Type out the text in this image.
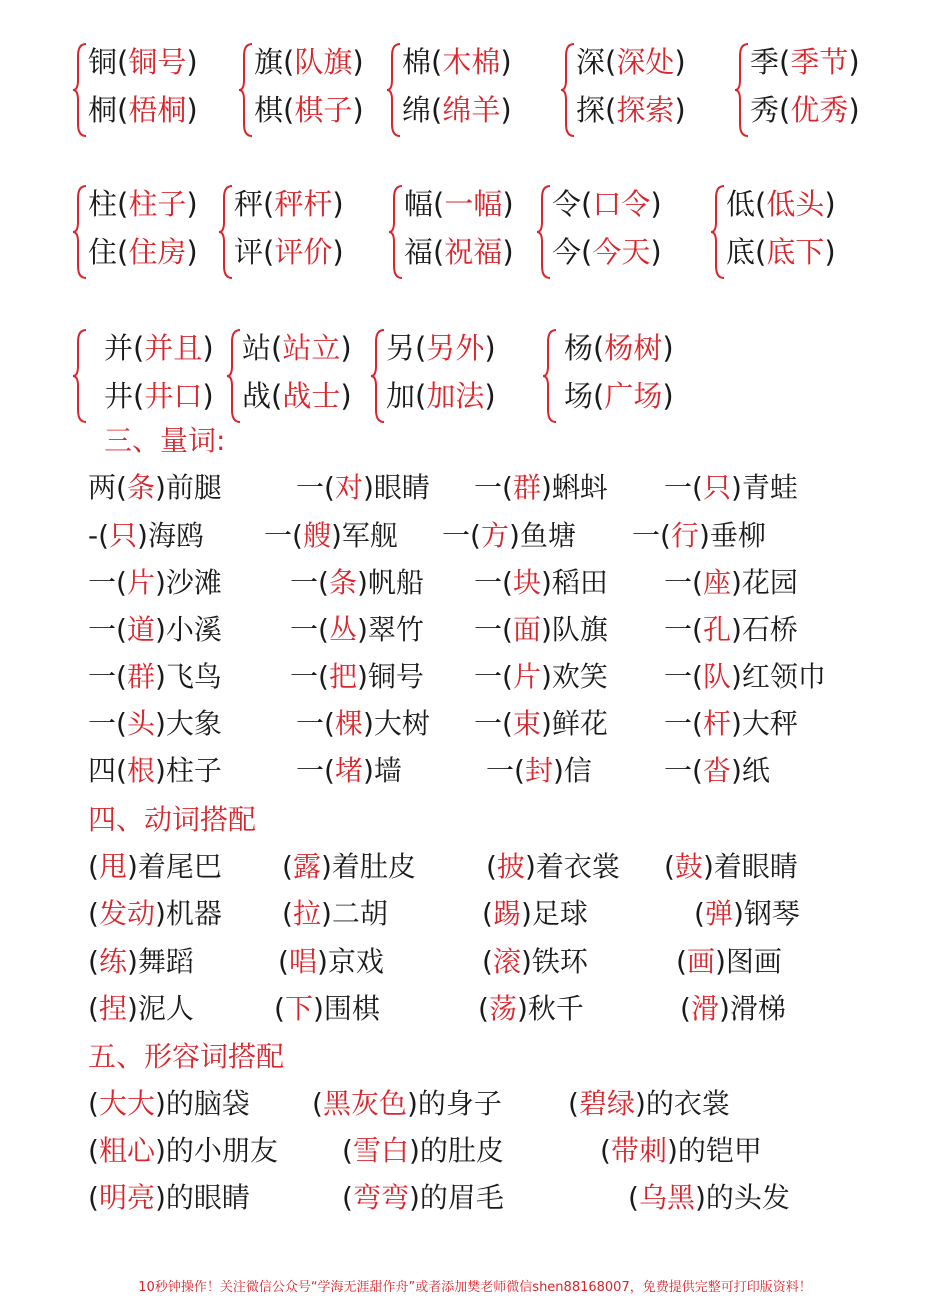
铜(铜号)
桐(梧桐)
旗(队旗)
棋(棋子)
棉(木棉)
绵(绵羊)
深(深处)
探(探索)
季(季节)
秀(优秀)
柱(柱子)
住(住房)
秤(秤杆)
评(评价)
幅(一幅)
福(祝福)
令(口令)
今(今天)
低(低头)
底(底下)
并(并且)
井(井口)
站(站立)
战(战士)
另(另外)
加(加法)
杨(杨树)
场(广场)
三、量词:
两(条)前腿	一(对)眼睛 一(群)蝌蚪 一(只)青蛙
-(只)海鸥 一(艘)军舰 一(方)鱼塘 一(行)垂柳
一(片)沙滩 一(条)帆船 一(块)稻田 一(座)花园
一(道)小溪 一(丛)翠竹 一(面)队旗 一(孔)石桥
一(群)飞鸟 一(把)铜号 一(片)欢笑 一(队)红领巾
一(头)大象	一(棵)大树 一(束)鲜花 一(杆)大秤
四(根)柱子	一(堵)墙	一(封)信	一(沓)纸
四、动词搭配
(甩)着尾巴 (露)着肚皮	(披)着衣裳 (鼓)着眼睛
(发动)机器 (拉)二胡	(踢)足球	(弹)钢琴
(练)舞蹈	(唱)京戏	(滚)铁环	(画)图画
(捏)泥人	(下)围棋	(荡)秋千	(滑)滑梯
五、形容词搭配
(大大)的脑袋 (黑灰色)的身子 (碧绿)的衣裳
(粗心)的小朋友 (雪白)的肚皮	(带刺)的铠甲
(明亮)的眼睛	(弯弯)的眉毛	(乌黑)的头发
10秒钟操作！关注微信公众号“学海无涯甜作舟”或者添加樊老师微信shen88168007，免费提供完整可打印版资料！
